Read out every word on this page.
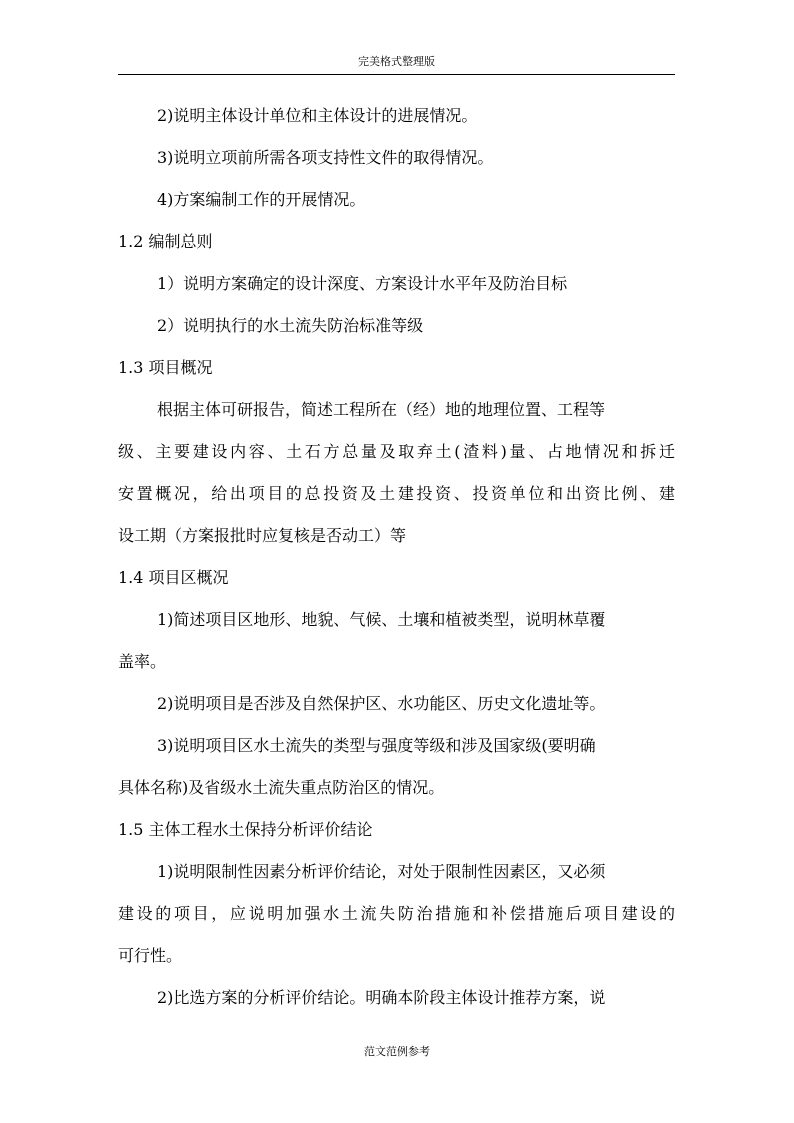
完美格式整理版
2)说明主体设计单位和主体设计的进展情况。
3)说明立项前所需各项支持性文件的取得情况。
4)方案编制工作的开展情况。
1.2 编制总则
1）说明方案确定的设计深度、方案设计水平年及防治目标
2）说明执行的水土流失防治标准等级
1.3 项目概况
根据主体可研报告，简述工程所在（经）地的地理位置、工程等
级、主要建设内容、土石方总量及取弃土(渣料)量、占地情况和拆迁
安置概况，给出项目的总投资及土建投资、投资单位和出资比例、建
设工期（方案报批时应复核是否动工）等
1.4 项目区概况
1)简述项目区地形、地貌、气候、土壤和植被类型，说明林草覆
盖率。
2)说明项目是否涉及自然保护区、水功能区、历史文化遗址等。
3)说明项目区水土流失的类型与强度等级和涉及国家级(要明确
具体名称)及省级水土流失重点防治区的情况。
1.5 主体工程水土保持分析评价结论
1)说明限制性因素分析评价结论，对处于限制性因素区，又必须
建设的项目，应说明加强水土流失防治措施和补偿措施后项目建设的
可行性。
2)比选方案的分析评价结论。明确本阶段主体设计推荐方案，说
范文范例参考
